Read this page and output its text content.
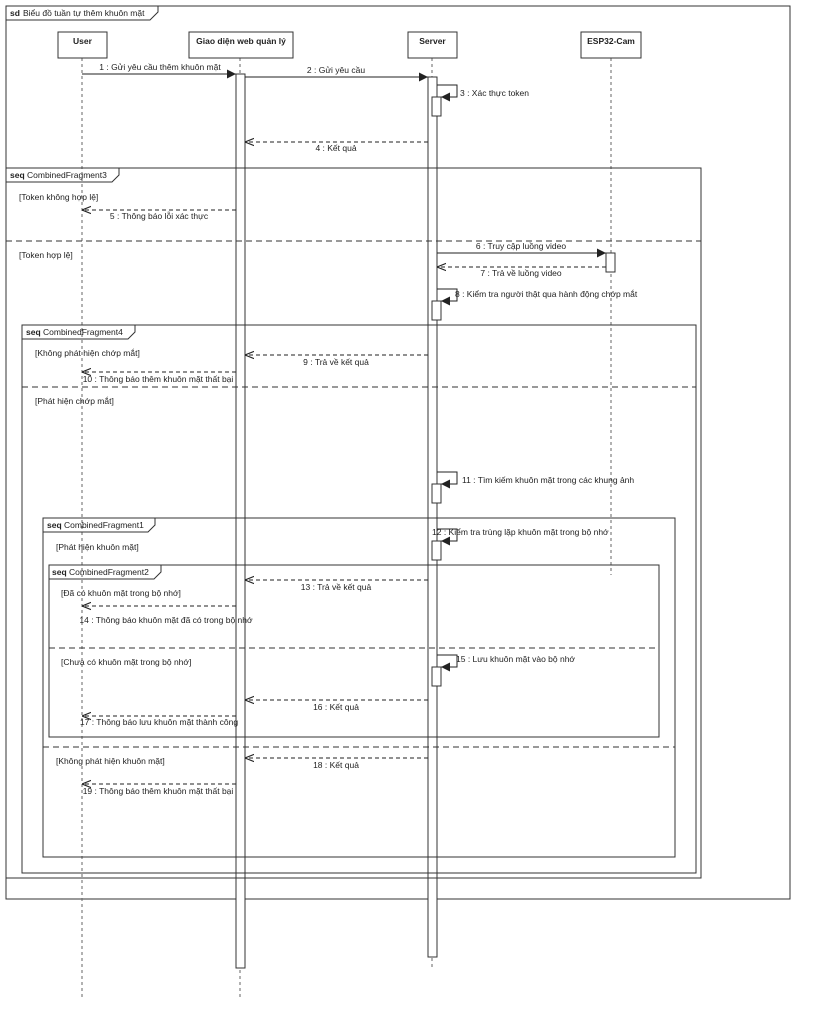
sd Biểu đồ tuần tự thêm khuôn mặt
User	Giao diện web quản lý	Server	ESP32-Cam
seq CombinedFragment3
seq CombinedFragment4
seq CombinedFragment1
seq CombinedFragment2
[Token không hợp lệ]
[Token hợp lệ]
[Không phát hiện chớp mắt]
[Phát hiện chớp mắt]
[Phát hiện khuôn mặt]
[Đã có khuôn mặt trong bộ nhớ]
[Chưa có khuôn mặt trong bộ nhớ]
[Không phát hiện khuôn mặt]
1 : Gửi yêu cầu thêm khuôn mặt	2 : Gửi yêu cầu
3 : Xác thực token
4 : Kết quả
5 : Thông báo lỗi xác thực
6 : Truy cập luồng video
7 : Trả về luồng video
8 : Kiểm tra người thật qua hành động chớp mắt
9 : Trả về kết quả
10 : Thông báo thêm khuôn mặt thất bại
11 : Tìm kiếm khuôn mặt trong các khung ảnh
12 : Kiểm tra trùng lặp khuôn mặt trong bộ nhớ
13 : Trả về kết quả
14 : Thông báo khuôn mặt đã có trong bộ nhớ
15 : Lưu khuôn mặt vào bộ nhớ
16 : Kết quả
17 : Thông báo lưu khuôn mặt thành công
18 : Kết quả
19 : Thông báo thêm khuôn mặt thất bại
